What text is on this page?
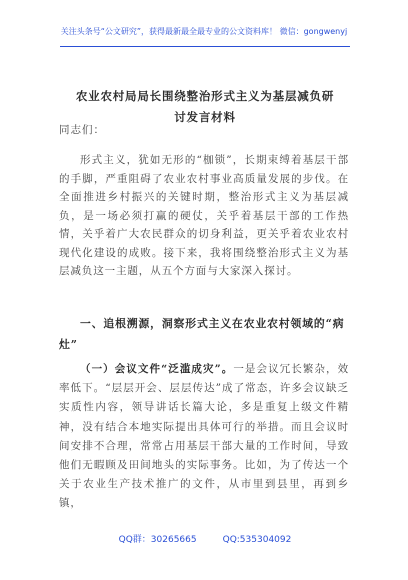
关注头条号“公文研究”，获得最新最全最专业的公文资料库！ 微信：gongwenyj
农业农村局局长围绕整治形式主义为基层减负研讨发言材料

同志们：

形式主义，犹如无形的“枷锁”，长期束缚着基层干部的手脚，严重阻碍了农业农村事业高质量发展的步伐。在全面推进乡村振兴的关键时期，整治形式主义为基层减负，是一场必须打赢的硬仗，关乎着基层干部的工作热情，关乎着广大农民群众的切身利益，更关乎着农业农村现代化建设的成败。接下来，我将围绕整治形式主义为基层减负这一主题，从五个方面与大家深入探讨。

一、追根溯源，洞察形式主义在农业农村领域的“病灶”

（一）会议文件“泛滥成灾”。一是会议冗长繁杂，效率低下。“层层开会、层层传达”成了常态，许多会议缺乏实质性内容，领导讲话长篇大论，多是重复上级文件精神，没有结合本地实际提出具体可行的举措。而且会议时间安排不合理，常常占用基层干部大量的工作时间，导致他们无暇顾及田间地头的实际事务。比如，为了传达一个关于农业生产技术推广的文件，从市里到县里，再到乡镇，

QQ群：30265665	QQ:535304092
